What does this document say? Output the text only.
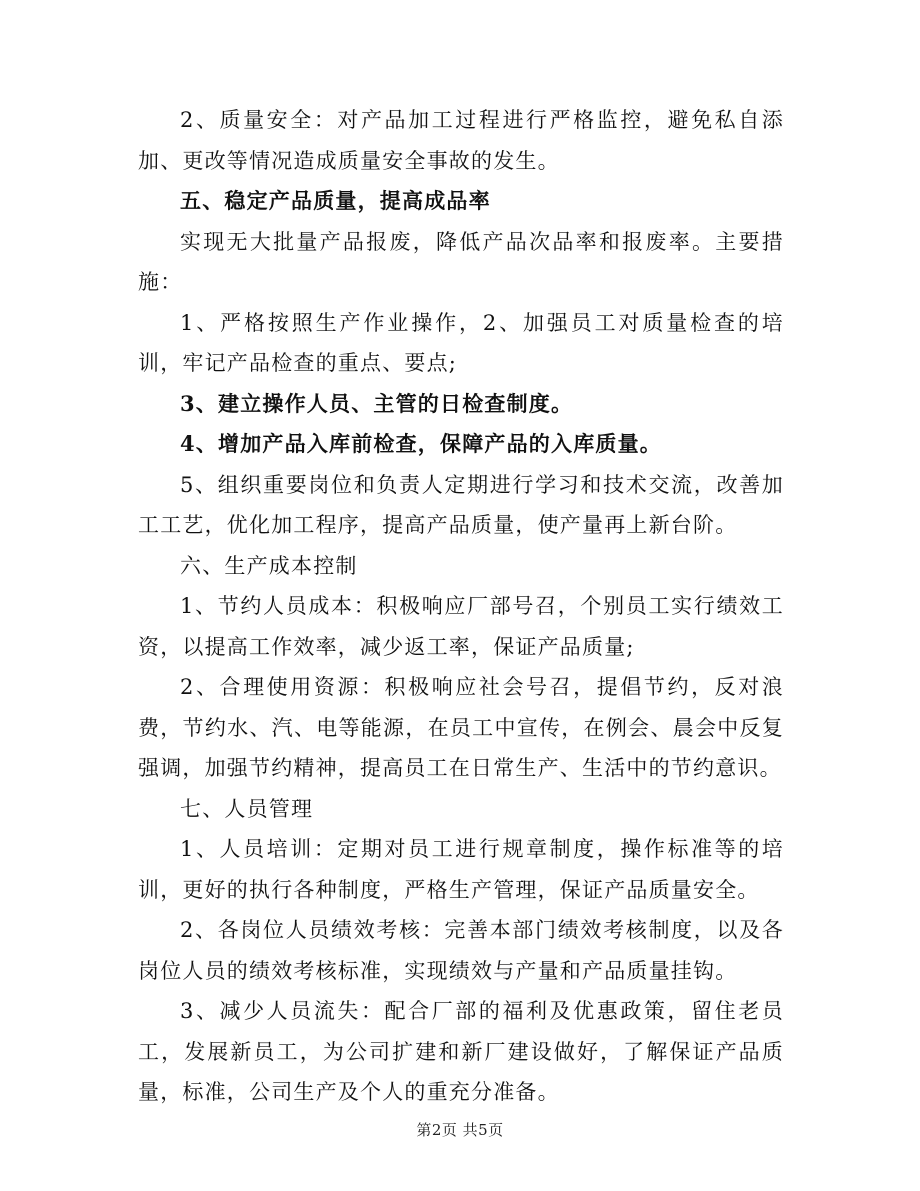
2、质量安全：对产品加工过程进行严格监控，避免私自添加、更改等情况造成质量安全事故的发生。

五、稳定产品质量，提高成品率

实现无大批量产品报废，降低产品次品率和报废率。主要措施：

1、严格按照生产作业操作，2、加强员工对质量检查的培训，牢记产品检查的重点、要点;

3、建立操作人员、主管的日检查制度。

4、增加产品入库前检查，保障产品的入库质量。

5、组织重要岗位和负责人定期进行学习和技术交流，改善加工工艺，优化加工程序，提高产品质量，使产量再上新台阶。

六、生产成本控制

1、节约人员成本：积极响应厂部号召，个别员工实行绩效工资，以提高工作效率，减少返工率，保证产品质量;

2、合理使用资源：积极响应社会号召，提倡节约，反对浪费，节约水、汽、电等能源，在员工中宣传，在例会、晨会中反复强调，加强节约精神，提高员工在日常生产、生活中的节约意识。

七、人员管理

1、人员培训：定期对员工进行规章制度，操作标准等的培训，更好的执行各种制度，严格生产管理，保证产品质量安全。

2、各岗位人员绩效考核：完善本部门绩效考核制度，以及各岗位人员的绩效考核标准，实现绩效与产量和产品质量挂钩。

3、减少人员流失：配合厂部的福利及优惠政策，留住老员工，发展新员工，为公司扩建和新厂建设做好，了解保证产品质量，标准，公司生产及个人的重充分准备。

第2页 共5页
